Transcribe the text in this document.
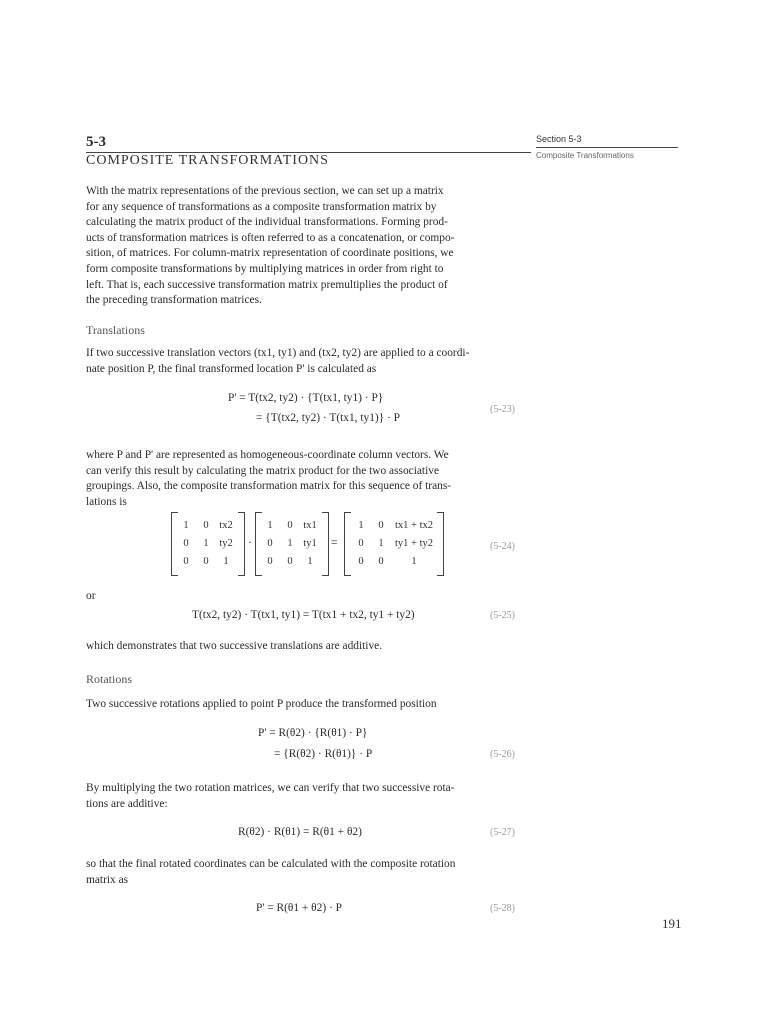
5-3
COMPOSITE TRANSFORMATIONS
Section 5-3
Composite Transformations
With the matrix representations of the previous section, we can set up a matrix
for any sequence of transformations as a composite transformation matrix by
calculating the matrix product of the individual transformations. Forming prod-
ucts of transformation matrices is often referred to as a concatenation, or compo-
sition, of matrices. For column-matrix representation of coordinate positions, we
form composite transformations by multiplying matrices in order from right to
left. That is, each successive transformation matrix premultiplies the product of
the preceding transformation matrices.
Translations
If two successive translation vectors (tx1, ty1) and (tx2, ty2) are applied to a coordi-
nate position P, the final transformed location P' is calculated as
P' = T(tx2, ty2) · {T(tx1, ty1) · P}
= {T(tx2, ty2) · T(tx1, ty1)} · P
(5-23)
where P and P' are represented as homogeneous-coordinate column vectors. We
can verify this result by calculating the matrix product for the two associative
groupings. Also, the composite transformation matrix for this sequence of trans-
lations is
1	0	tx2
0	1	ty2
0	0	1
·
1	0	tx1
0	1	ty1
0	0	1
=
1	0	tx1 + tx2
0	1	ty1 + ty2
0	0	1
(5-24)
or
T(tx2, ty2) · T(tx1, ty1) = T(tx1 + tx2, ty1 + ty2)	(5-25)
which demonstrates that two successive translations are additive.
Rotations
Two successive rotations applied to point P produce the transformed position
P' = R(θ2) · {R(θ1) · P}
= {R(θ2) · R(θ1)} · P	(5-26)
By multiplying the two rotation matrices, we can verify that two successive rota-
tions are additive:
R(θ2) · R(θ1) = R(θ1 + θ2)	(5-27)
so that the final rotated coordinates can be calculated with the composite rotation
matrix as
P' = R(θ1 + θ2) · P	(5-28)
191
